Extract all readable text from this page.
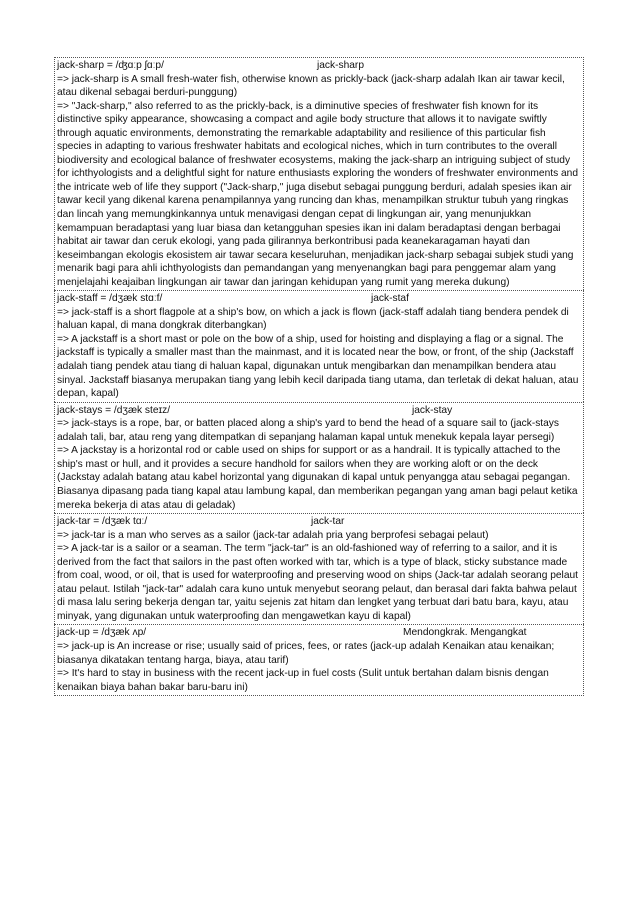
jack-sharp = /ʤɑːp ʃɑːp/	jack-sharp

=> jack-sharp is A small fresh-water fish, otherwise known as prickly-back (jack-sharp adalah Ikan air tawar kecil, atau dikenal sebagai berduri-punggung)

=> "Jack-sharp," also referred to as the prickly-back, is a diminutive species of freshwater fish known for its distinctive spiky appearance, showcasing a compact and agile body structure that allows it to navigate swiftly through aquatic environments, demonstrating the remarkable adaptability and resilience of this particular fish species in adapting to various freshwater habitats and ecological niches, which in turn contributes to the overall biodiversity and ecological balance of freshwater ecosystems, making the jack-sharp an intriguing subject of study for ichthyologists and a delightful sight for nature enthusiasts exploring the wonders of freshwater environments and the intricate web of life they support ("Jack-sharp," juga disebut sebagai punggung berduri, adalah spesies ikan air tawar kecil yang dikenal karena penampilannya yang runcing dan khas, menampilkan struktur tubuh yang ringkas dan lincah yang memungkinkannya untuk menavigasi dengan cepat di lingkungan air, yang menunjukkan kemampuan beradaptasi yang luar biasa dan ketangguhan spesies ikan ini dalam beradaptasi dengan berbagai habitat air tawar dan ceruk ekologi, yang pada gilirannya berkontribusi pada keanekaragaman hayati dan keseimbangan ekologis ekosistem air tawar secara keseluruhan, menjadikan jack-sharp sebagai subjek studi yang menarik bagi para ahli ichthyologists dan pemandangan yang menyenangkan bagi para penggemar alam yang menjelajahi keajaiban lingkungan air tawar dan jaringan kehidupan yang rumit yang mereka dukung)

jack-staff = /dʒæk stɑːf/	jack-staf

=> jack-staff is a short flagpole at a ship's bow, on which a jack is flown (jack-staff adalah tiang bendera pendek di haluan kapal, di mana dongkrak diterbangkan)

=> A jackstaff is a short mast or pole on the bow of a ship, used for hoisting and displaying a flag or a signal. The jackstaff is typically a smaller mast than the mainmast, and it is located near the bow, or front, of the ship (Jackstaff adalah tiang pendek atau tiang di haluan kapal, digunakan untuk mengibarkan dan menampilkan bendera atau sinyal. Jackstaff biasanya merupakan tiang yang lebih kecil daripada tiang utama, dan terletak di dekat haluan, atau depan, kapal)

jack-stays = /dʒæk steɪz/	jack-stay

=> jack-stays is a rope, bar, or batten placed along a ship's yard to bend the head of a square sail to (jack-stays adalah tali, bar, atau reng yang ditempatkan di sepanjang halaman kapal untuk menekuk kepala layar persegi)

=> A jackstay is a horizontal rod or cable used on ships for support or as a handrail. It is typically attached to the ship's mast or hull, and it provides a secure handhold for sailors when they are working aloft or on the deck (Jackstay adalah batang atau kabel horizontal yang digunakan di kapal untuk penyangga atau sebagai pegangan. Biasanya dipasang pada tiang kapal atau lambung kapal, dan memberikan pegangan yang aman bagi pelaut ketika mereka bekerja di atas atau di geladak)

jack-tar = /dʒæk tɑː/	jack-tar

=> jack-tar is a man who serves as a sailor (jack-tar adalah pria yang berprofesi sebagai pelaut)

=> A jack-tar is a sailor or a seaman. The term "jack-tar" is an old-fashioned way of referring to a sailor, and it is derived from the fact that sailors in the past often worked with tar, which is a type of black, sticky substance made from coal, wood, or oil, that is used for waterproofing and preserving wood on ships (Jack-tar adalah seorang pelaut atau pelaut. Istilah "jack-tar" adalah cara kuno untuk menyebut seorang pelaut, dan berasal dari fakta bahwa pelaut di masa lalu sering bekerja dengan tar, yaitu sejenis zat hitam dan lengket yang terbuat dari batu bara, kayu, atau minyak, yang digunakan untuk waterproofing dan mengawetkan kayu di kapal)

jack-up = /dʒæk ʌp/	Mendongkrak. Mengangkat

=> jack-up is An increase or rise; usually said of prices, fees, or rates (jack-up adalah Kenaikan atau kenaikan; biasanya dikatakan tentang harga, biaya, atau tarif)

=> It's hard to stay in business with the recent jack-up in fuel costs (Sulit untuk bertahan dalam bisnis dengan kenaikan biaya bahan bakar baru-baru ini)
